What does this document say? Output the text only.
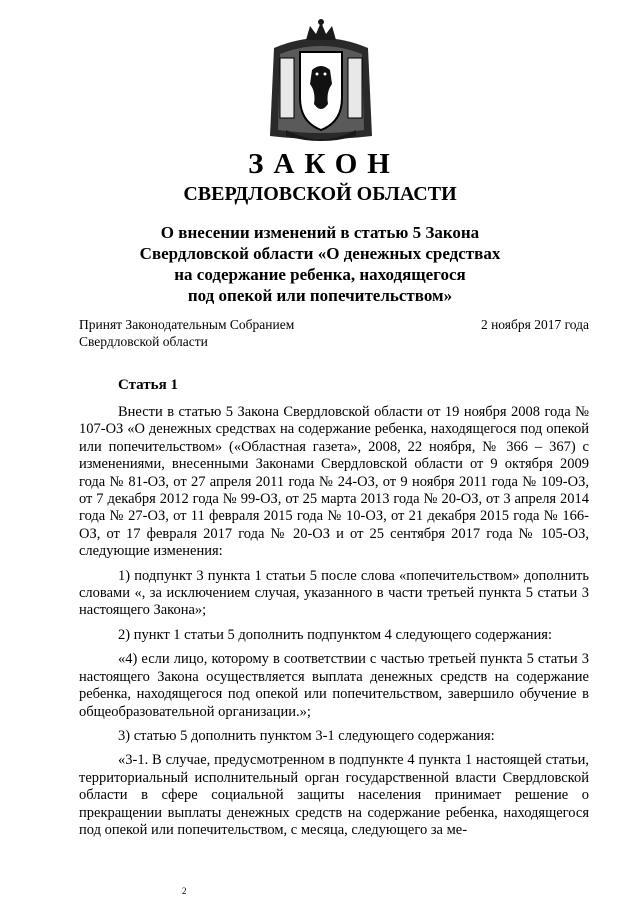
ЗАКОН
СВЕРДЛОВСКОЙ ОБЛАСТИ
О внесении изменений в статью 5 Закона
Свердловской области «О денежных средствах
на содержание ребенка, находящегося
под опекой или попечительством»
Принят Законодательным Собранием
Свердловской области
2 ноября 2017 года
Статья 1

Внести в статью 5 Закона Свердловской области от 19 ноября 2008 года № 107-ОЗ «О денежных средствах на содержание ребенка, находящегося под опекой или попечительством» («Областная газета», 2008, 22 ноября, № 366 – 367) с изменениями, внесенными Законами Свердловской области от 9 октября 2009 года № 81-ОЗ, от 27 апреля 2011 года № 24-ОЗ, от 9 ноября 2011 года № 109-ОЗ, от 7 декабря 2012 года № 99-ОЗ, от 25 марта 2013 года № 20-ОЗ, от 3 апреля 2014 года № 27-ОЗ, от 11 февраля 2015 года № 10-ОЗ, от 21 декабря 2015 года № 166-ОЗ, от 17 февраля 2017 года № 20-ОЗ и от 25 сентября 2017 года № 105-ОЗ, следующие изменения:

1) подпункт 3 пункта 1 статьи 5 после слова «попечительством» дополнить словами «, за исключением случая, указанного в части третьей пункта 5 статьи 3 настоящего Закона»;

2) пункт 1 статьи 5 дополнить подпунктом 4 следующего содержания:

«4) если лицо, которому в соответствии с частью третьей пункта 5 статьи 3 настоящего Закона осуществляется выплата денежных средств на содержание ребенка, находящегося под опекой или попечительством, завершило обучение в общеобразовательной организации.»;

3) статью 5 дополнить пунктом 3-1 следующего содержания:

«3-1. В случае, предусмотренном в подпункте 4 пункта 1 настоящей статьи, территориальный исполнительный орган государственной власти Свердловской области в сфере социальной защиты населения принимает решение о прекращении выплаты денежных средств на содержание ребенка, находящегося под опекой или попечительством, с месяца, следующего за ме-

2
